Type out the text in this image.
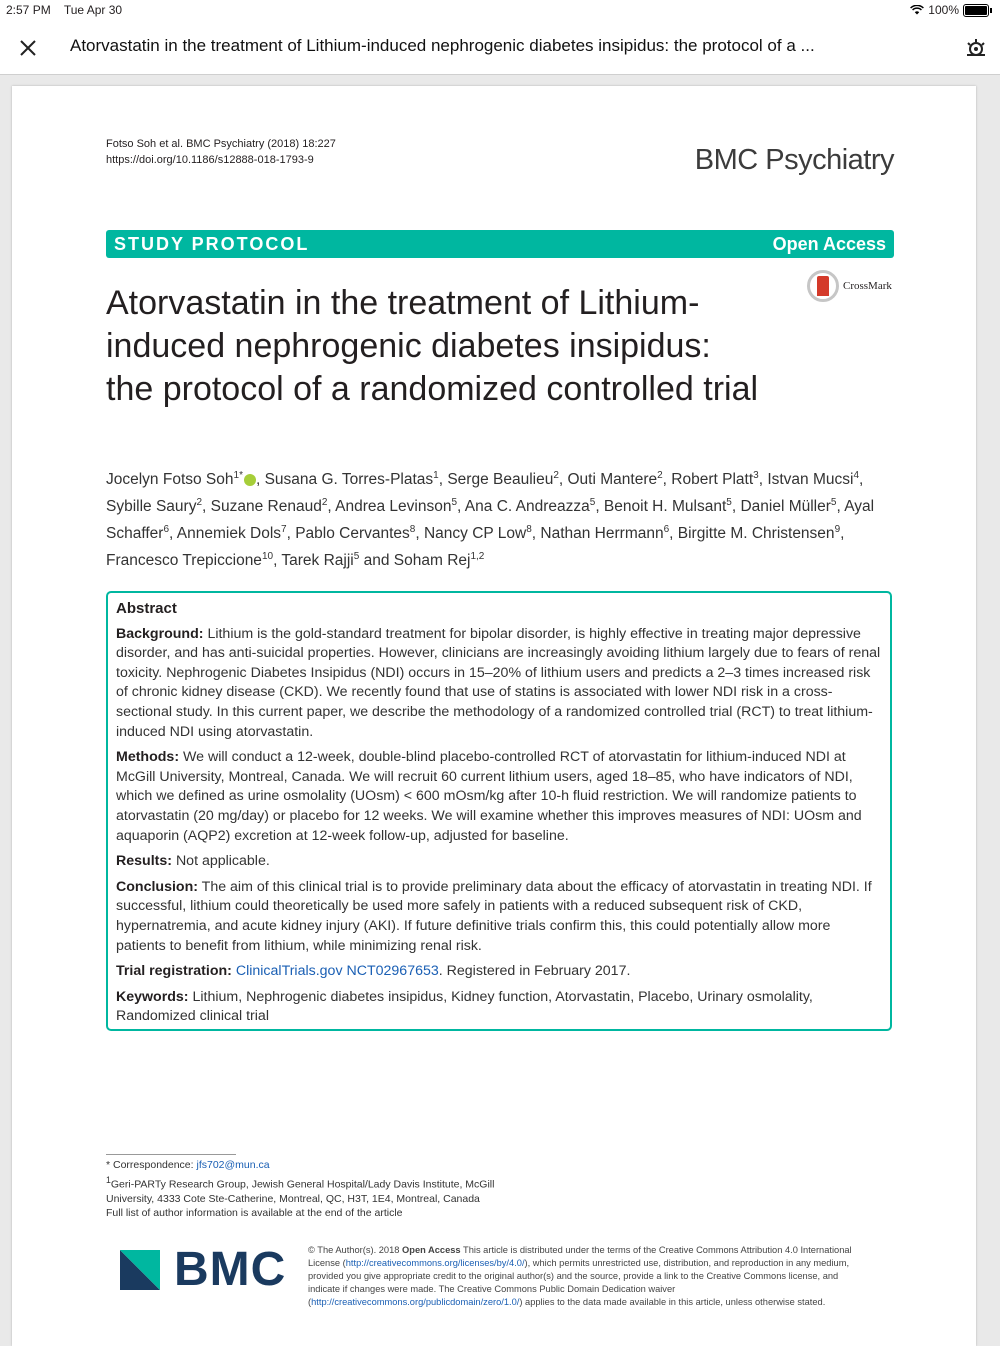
2:57 PM Tue Apr 30	100%
Atorvastatin in the treatment of Lithium-induced nephrogenic diabetes insipidus: the protocol of a ...
Fotso Soh et al. BMC Psychiatry (2018) 18:227
https://doi.org/10.1186/s12888-018-1793-9	BMC Psychiatry
STUDY PROTOCOL	Open Access
CrossMark
Atorvastatin in the treatment of Lithium-induced nephrogenic diabetes insipidus: the protocol of a randomized controlled trial
Jocelyn Fotso Soh$^{1*}$ , Susana G. Torres-Platas$^1$, Serge Beaulieu$^2$, Outi Mantere$^2$, Robert Platt$^3$, Istvan Mucsi$^4$, Sybille Saury$^2$, Suzane Renaud$^2$, Andrea Levinson$^5$, Ana C. Andreazza$^5$, Benoit H. Mulsant$^5$, Daniel Müller$^5$, Ayal Schaffer$^6$, Annemiek Dols$^7$, Pablo Cervantes$^8$, Nancy CP Low$^8$, Nathan Herrmann$^6$, Birgitte M. Christensen$^9$, Francesco Trepiccione$^{10}$, Tarek Rajji$^5$ and Soham Rej$^{1,2}$
Abstract

Background: Lithium is the gold-standard treatment for bipolar disorder, is highly effective in treating major depressive disorder, and has anti-suicidal properties. However, clinicians are increasingly avoiding lithium largely due to fears of renal toxicity. Nephrogenic Diabetes Insipidus (NDI) occurs in 15–20% of lithium users and predicts a 2–3 times increased risk of chronic kidney disease (CKD). We recently found that use of statins is associated with lower NDI risk in a cross-sectional study. In this current paper, we describe the methodology of a randomized controlled trial (RCT) to treat lithium-induced NDI using atorvastatin.

Methods: We will conduct a 12-week, double-blind placebo-controlled RCT of atorvastatin for lithium-induced NDI at McGill University, Montreal, Canada. We will recruit 60 current lithium users, aged 18–85, who have indicators of NDI, which we defined as urine osmolality (UOsm) < 600 mOsm/kg after 10-h fluid restriction. We will randomize patients to atorvastatin (20 mg/day) or placebo for 12 weeks. We will examine whether this improves measures of NDI: UOsm and aquaporin (AQP2) excretion at 12-week follow-up, adjusted for baseline.

Results: Not applicable.

Conclusion: The aim of this clinical trial is to provide preliminary data about the efficacy of atorvastatin in treating NDI. If successful, lithium could theoretically be used more safely in patients with a reduced subsequent risk of CKD, hypernatremia, and acute kidney injury (AKI). If future definitive trials confirm this, this could potentially allow more patients to benefit from lithium, while minimizing renal risk.

Trial registration: ClinicalTrials.gov NCT02967653. Registered in February 2017.

Keywords: Lithium, Nephrogenic diabetes insipidus, Kidney function, Atorvastatin, Placebo, Urinary osmolality, Randomized clinical trial

* Correspondence: jfs702@mun.ca
$^1$Geri-PARTy Research Group, Jewish General Hospital/Lady Davis Institute, McGill University, 4333 Cote Ste-Catherine, Montreal, QC, H3T, 1E4, Montreal, Canada
Full list of author information is available at the end of the article
BMC © The Author(s). 2018 Open Access This article is distributed under the terms of the Creative Commons Attribution 4.0 International License (http://creativecommons.org/licenses/by/4.0/), which permits unrestricted use, distribution, and reproduction in any medium, provided you give appropriate credit to the original author(s) and the source, provide a link to the Creative Commons license, and indicate if changes were made. The Creative Commons Public Domain Dedication waiver (http://creativecommons.org/publicdomain/zero/1.0/) applies to the data made available in this article, unless otherwise stated.
